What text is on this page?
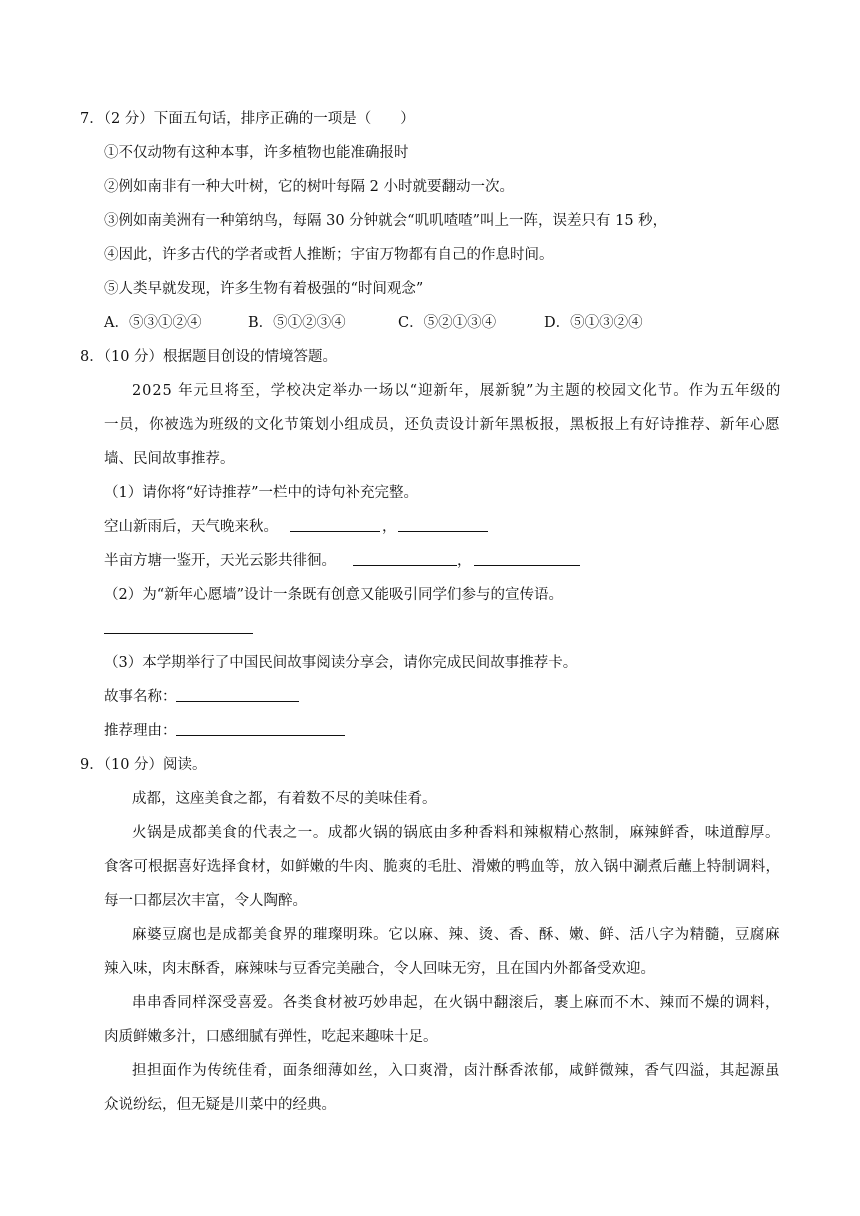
7．（2 分）下面五句话，排序正确的一项是（　　）
①不仅动物有这种本事，许多植物也能准确报时
②例如南非有一种大叶树，它的树叶每隔 2 小时就要翻动一次。
③例如南美洲有一种第纳鸟，每隔 30 分钟就会“叽叽喳喳”叫上一阵，误差只有 15 秒，
④因此，许多古代的学者或哲人推断；宇宙万物都有自己的作息时间。
⑤人类早就发现，许多生物有着极强的“时间观念”
A．⑤③①②④	B．⑤①②③④	C．⑤②①③④	D．⑤①③②④
8．（10 分）根据题目创设的情境答题。
2025 年元旦将至，学校决定举办一场以“迎新年，展新貌”为主题的校园文化节。作为五年级的
一员，你被选为班级的文化节策划小组成员，还负责设计新年黑板报，黑板报上有好诗推荐、新年心愿
墙、民间故事推荐。
（1）请你将“好诗推荐”一栏中的诗句补充完整。
空山新雨后，天气晚来秋。	，
半亩方塘一鉴开，天光云影共徘徊。	，
（2）为“新年心愿墙”设计一条既有创意又能吸引同学们参与的宣传语。
（3）本学期举行了中国民间故事阅读分享会，请你完成民间故事推荐卡。
故事名称：
推荐理由：
9．（10 分）阅读。
成都，这座美食之都，有着数不尽的美味佳肴。
火锅是成都美食的代表之一。成都火锅的锅底由多种香料和辣椒精心熬制，麻辣鲜香，味道醇厚。
食客可根据喜好选择食材，如鲜嫩的牛肉、脆爽的毛肚、滑嫩的鸭血等，放入锅中涮煮后蘸上特制调料，
每一口都层次丰富，令人陶醉。
麻婆豆腐也是成都美食界的璀璨明珠。它以麻、辣、烫、香、酥、嫩、鲜、活八字为精髓，豆腐麻
辣入味，肉末酥香，麻辣味与豆香完美融合，令人回味无穷，且在国内外都备受欢迎。
串串香同样深受喜爱。各类食材被巧妙串起，在火锅中翻滚后，裹上麻而不木、辣而不燥的调料，
肉质鲜嫩多汁，口感细腻有弹性，吃起来趣味十足。
担担面作为传统佳肴，面条细薄如丝，入口爽滑，卤汁酥香浓郁，咸鲜微辣，香气四溢，其起源虽
众说纷纭，但无疑是川菜中的经典。
